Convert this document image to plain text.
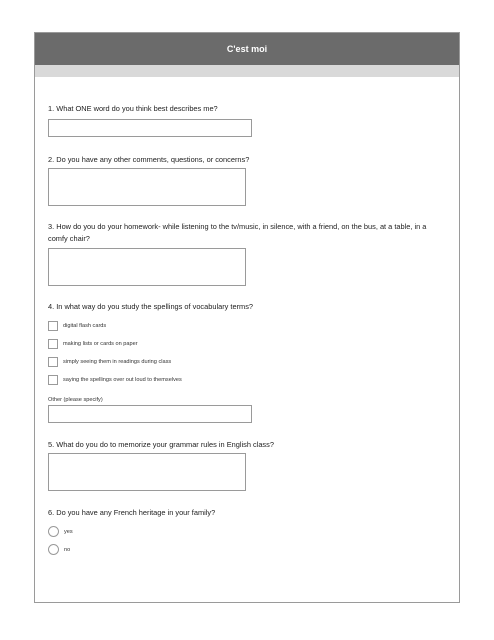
C'est moi
1. What ONE word do you think best describes me?
2. Do you have any other comments, questions, or concerns?
3. How do you do your homework- while listening to the tv/music, in silence, with a friend, on the bus, at a table, in a comfy chair?
4. In what way do you study the spellings of vocabulary terms?
digital flash cards
making lists or cards on paper
simply seeing them in readings during class
saying the spellings over out loud to themselves
Other (please specify)
5. What do you do to memorize your grammar rules in English class?
6. Do you have any French heritage in your family?
yes
no
